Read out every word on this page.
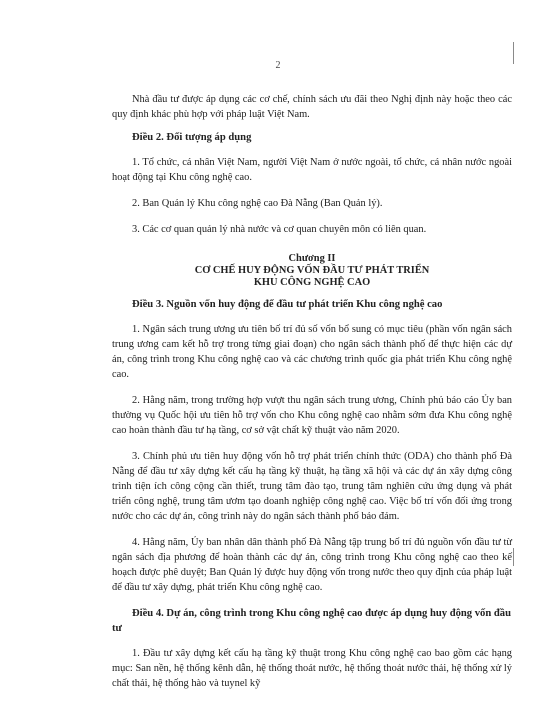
2

Nhà đầu tư được áp dụng các cơ chế, chính sách ưu đãi theo Nghị định này hoặc theo các quy định khác phù hợp với pháp luật Việt Nam.

Điều 2. Đối tượng áp dụng

1. Tổ chức, cá nhân Việt Nam, người Việt Nam ở nước ngoài, tổ chức, cá nhân nước ngoài hoạt động tại Khu công nghệ cao.

2. Ban Quản lý Khu công nghệ cao Đà Nẵng (Ban Quản lý).

3. Các cơ quan quản lý nhà nước và cơ quan chuyên môn có liên quan.

Chương II
CƠ CHẾ HUY ĐỘNG VỐN ĐẦU TƯ PHÁT TRIỂN
KHU CÔNG NGHỆ CAO
Điều 3. Nguồn vốn huy động để đầu tư phát triển Khu công nghệ cao

1. Ngân sách trung ương ưu tiên bố trí đủ số vốn bổ sung có mục tiêu (phần vốn ngân sách trung ương cam kết hỗ trợ trong từng giai đoạn) cho ngân sách thành phố để thực hiện các dự án, công trình trong Khu công nghệ cao và các chương trình quốc gia phát triển Khu công nghệ cao.

2. Hằng năm, trong trường hợp vượt thu ngân sách trung ương, Chính phủ báo cáo Ủy ban thường vụ Quốc hội ưu tiên hỗ trợ vốn cho Khu công nghệ cao nhằm sớm đưa Khu công nghệ cao hoàn thành đầu tư hạ tầng, cơ sở vật chất kỹ thuật vào năm 2020.

3. Chính phủ ưu tiên huy động vốn hỗ trợ phát triển chính thức (ODA) cho thành phố Đà Nẵng để đầu tư xây dựng kết cấu hạ tầng kỹ thuật, hạ tầng xã hội và các dự án xây dựng công trình tiện ích công cộng cần thiết, trung tâm đào tạo, trung tâm nghiên cứu ứng dụng và phát triển công nghệ, trung tâm ươm tạo doanh nghiệp công nghệ cao. Việc bố trí vốn đối ứng trong nước cho các dự án, công trình này do ngân sách thành phố bảo đảm.

4. Hằng năm, Ủy ban nhân dân thành phố Đà Nẵng tập trung bố trí đủ nguồn vốn đầu tư từ ngân sách địa phương để hoàn thành các dự án, công trình trong Khu công nghệ cao theo kế hoạch được phê duyệt; Ban Quản lý được huy động vốn trong nước theo quy định của pháp luật để đầu tư xây dựng, phát triển Khu công nghệ cao.

Điều 4. Dự án, công trình trong Khu công nghệ cao được áp dụng huy động vốn đầu tư

1. Đầu tư xây dựng kết cấu hạ tầng kỹ thuật trong Khu công nghệ cao bao gồm các hạng mục: San nền, hệ thống kênh dẫn, hệ thống thoát nước, hệ thống thoát nước thải, hệ thống xử lý chất thải, hệ thống hào và tuynel kỹ
